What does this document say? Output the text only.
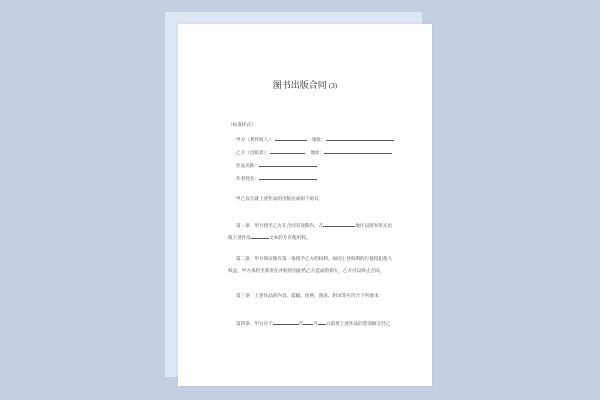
图书出版合同 (3)
（标准样式）
甲方（著作权人）：	地址：
乙方（出版者）：	地址：
作品名称：
作者姓名：
甲乙双方就上述作品的出版达成如下协议：
第一条　甲方授予乙方在合同有效期内，在	地区以图书形式出
版上述作品	文本的专有使用权。
第二条　甲方保证拥有第一条授予乙方的权利。如因上述权利的行使侵犯他人
权益，甲方承担全部责任并赔偿因此给乙方造成的损失，乙方可以终止合同。
第三条　上述作品的内容、篇幅、体例、图表、附录等应符合下列要求：
第四条　甲方应于	年 月 日前将上述作品的誊清稿交付乙
